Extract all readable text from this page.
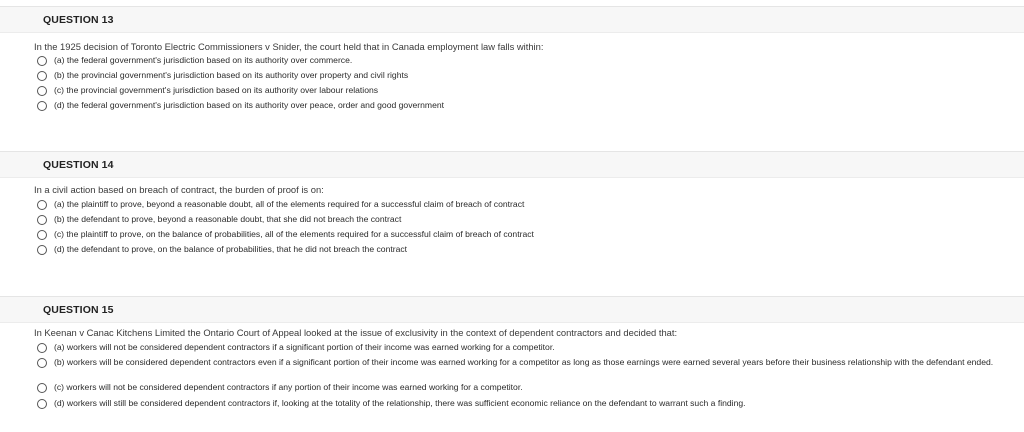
QUESTION 13
In the 1925 decision of Toronto Electric Commissioners v Snider, the court held that in Canada employment law falls within:
(a) the federal government's jurisdiction based on its authority over commerce.
(b) the provincial government's jurisdiction based on its authority over property and civil rights
(c) the provincial government's jurisdiction based on its authority over labour relations
(d) the federal government's jurisdiction based on its authority over peace, order and good government
QUESTION 14
In a civil action based on breach of contract, the burden of proof is on:
(a) the plaintiff to prove, beyond a reasonable doubt, all of the elements required for a successful claim of breach of contract
(b) the defendant to prove, beyond a reasonable doubt, that she did not breach the contract
(c) the plaintiff to prove, on the balance of probabilities, all of the elements required for a successful claim of breach of contract
(d) the defendant to prove, on the balance of probabilities, that he did not breach the contract
QUESTION 15
In Keenan v Canac Kitchens Limited the Ontario Court of Appeal looked at the issue of exclusivity in the context of dependent contractors and decided that:
(a) workers will not be considered dependent contractors if a significant portion of their income was earned working for a competitor.
(b) workers will be considered dependent contractors even if a significant portion of their income was earned working for a competitor as long as those earnings were earned several years before their business relationship with the defendant ended.
(c) workers will not be considered dependent contractors if any portion of their income was earned working for a competitor.
(d) workers will still be considered dependent contractors if, looking at the totality of the relationship, there was sufficient economic reliance on the defendant to warrant such a finding.
